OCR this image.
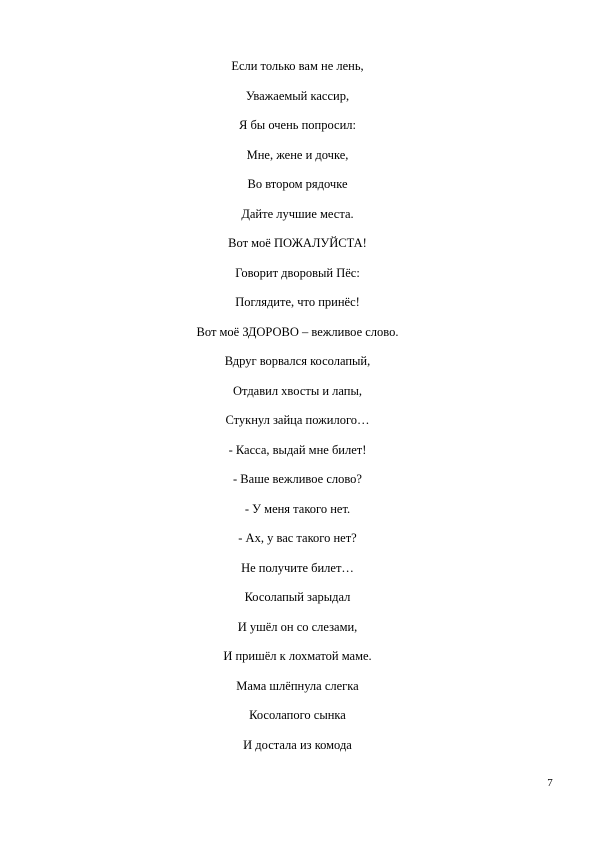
Если только вам не лень,
Уважаемый кассир,
Я бы очень попросил:
Мне, жене и дочке,
Во втором рядочке
Дайте лучшие места.
Вот моё ПОЖАЛУЙСТА!
Говорит дворовый Пёс:
Поглядите, что принёс!
Вот моё ЗДОРОВО – вежливое слово.
Вдруг ворвался косолапый,
Отдавил хвосты и лапы,
Стукнул зайца пожилого…
- Касса, выдай мне билет!
- Ваше вежливое слово?
- У меня такого нет.
- Ах, у вас такого нет?
Не получите билет…
Косолапый зарыдал
И ушёл он со слезами,
И пришёл к лохматой маме.
Мама шлёпнула слегка
Косолапого сынка
И достала из комода
7
